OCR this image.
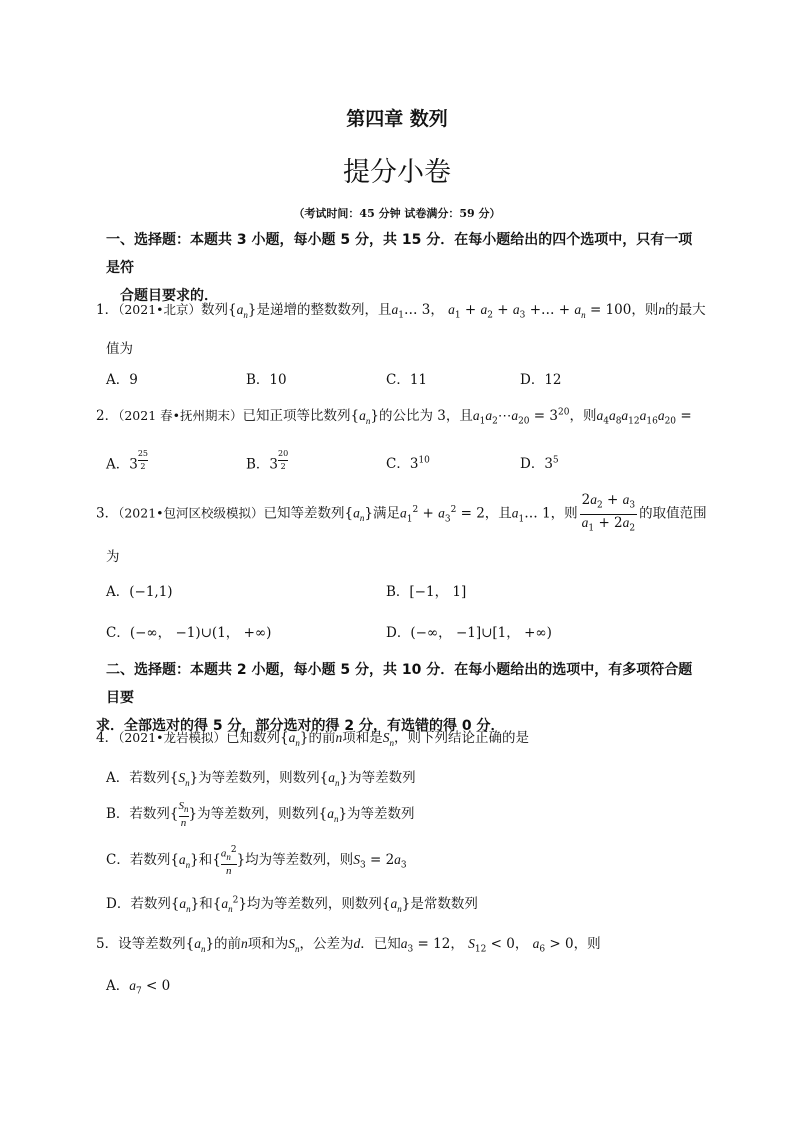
第四章 数列
提分小卷
（考试时间：45 分钟 试卷满分：59 分）
一、选择题：本题共 3 小题，每小题 5 分，共 15 分．在每小题给出的四个选项中，只有一项是符
合题目要求的．
1．（2021•北京）数列$\{a_n\}$是递增的整数数列，且$a_1\dots$ 3， $a_1 + a_2 + a_3$ +… + $a_n = 100$，则n的最大
值为
A．9	B．10	C．11	D．12
2．（2021 春•抚州期末）已知正项等比数列$\{a_n\}$的公比为 3，且$a_1a_2\cdots a_{20} = 3^{20}$，则$a_4a_8a_{12}a_{16}a_{20}$ =
A．3 $^{\frac{25}{2}}$	B．3 $^{\frac{20}{2}}$	C．$3^{10}$	D．$3^5$
3．（2021•包河区校级模拟）已知等差数列$\{a_n\}$满足$a_1^2 + a_3^2 = 2$，且$a_1\dots$ 1，则 $\frac{2a_2 + a_3}{a_1 + 2a_2}$ 的取值范围
为
A．(−1,1)	B．[−1， 1]
C．(−∞， −1)∪(1， +∞)	D．(−∞， −1]∪[1， +∞)
二、选择题：本题共 2 小题，每小题 5 分，共 10 分．在每小题给出的选项中，有多项符合题目要
求．全部选对的得 5 分，部分选对的得 2 分，有选错的得 0 分．
4．（2021•龙岩模拟）已知数列$\{a_n\}$的前n项和是$S_n$，则下列结论正确的是
A．若数列$\{S_n\}$为等差数列，则数列$\{a_n\}$为等差数列
B．若数列{ $\frac{S_n}{n}$ }为等差数列，则数列$\{a_n\}$为等差数列
C．若数列$\{a_n\}$和{ $\frac{a_n^2}{n}$ }均为等差数列，则$S_3 = 2a_3$
D．若数列$\{a_n\}$和$\{a_n^2\}$均为等差数列，则数列$\{a_n\}$是常数数列
5．设等差数列$\{a_n\}$的前n项和为$S_n$，公差为d．已知$a_3 = 12$， $S_{12} < 0$， $a_6 > 0$，则
A．$a_7 < 0$
